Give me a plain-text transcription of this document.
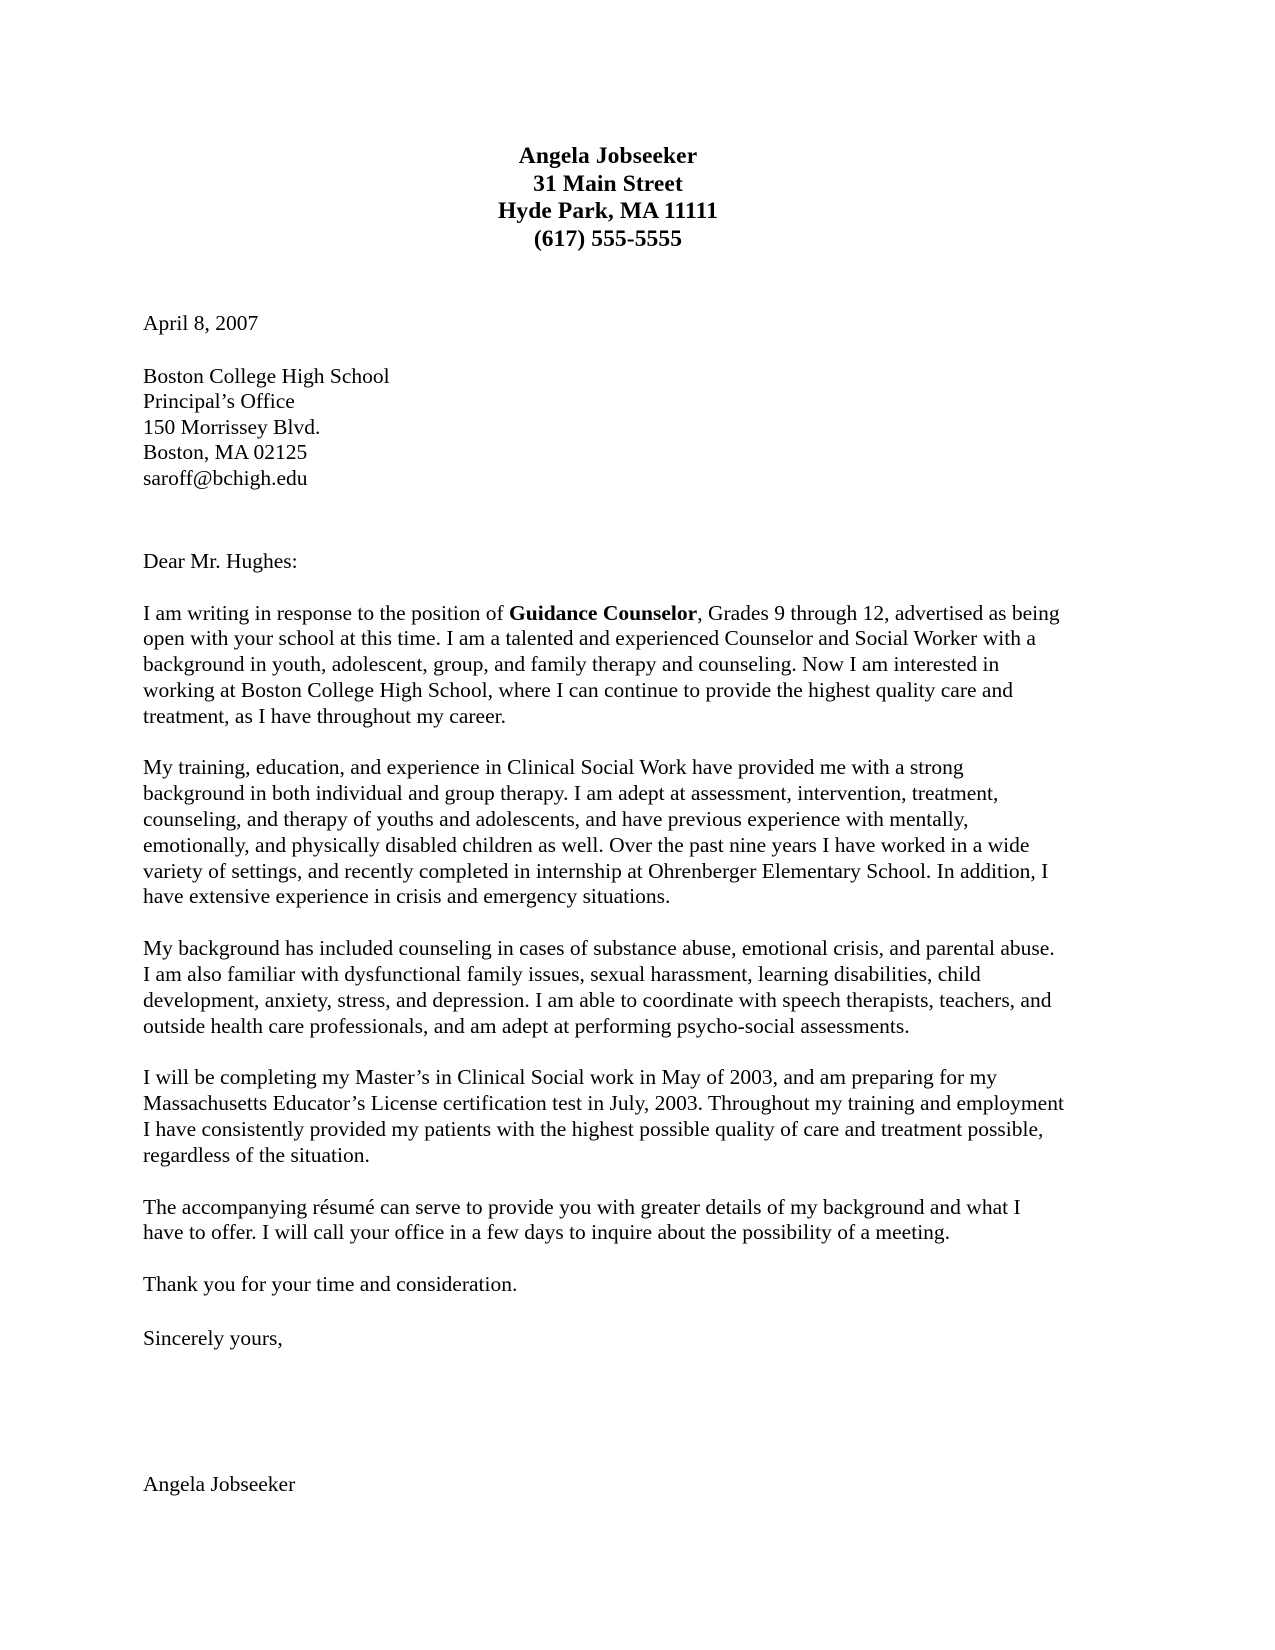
Angela Jobseeker
31 Main Street
Hyde Park, MA 11111
(617) 555-5555
April 8, 2007
Boston College High School
Principal’s Office
150 Morrissey Blvd.
Boston, MA 02125
saroff@bchigh.edu
Dear Mr. Hughes:

I am writing in response to the position of Guidance Counselor, Grades 9 through 12, advertised as being open with your school at this time. I am a talented and experienced Counselor and Social Worker with a background in youth, adolescent, group, and family therapy and counseling. Now I am interested in working at Boston College High School, where I can continue to provide the highest quality care and treatment, as I have throughout my career.

My training, education, and experience in Clinical Social Work have provided me with a strong background in both individual and group therapy. I am adept at assessment, intervention, treatment, counseling, and therapy of youths and adolescents, and have previous experience with mentally, emotionally, and physically disabled children as well. Over the past nine years I have worked in a wide variety of settings, and recently completed in internship at Ohrenberger Elementary School. In addition, I have extensive experience in crisis and emergency situations.

My background has included counseling in cases of substance abuse, emotional crisis, and parental abuse. I am also familiar with dysfunctional family issues, sexual harassment, learning disabilities, child development, anxiety, stress, and depression. I am able to coordinate with speech therapists, teachers, and outside health care professionals, and am adept at performing psycho-social assessments.

I will be completing my Master’s in Clinical Social work in May of 2003, and am preparing for my Massachusetts Educator’s License certification test in July, 2003. Throughout my training and employment I have consistently provided my patients with the highest possible quality of care and treatment possible, regardless of the situation.

The accompanying résumé can serve to provide you with greater details of my background and what I have to offer. I will call your office in a few days to inquire about the possibility of a meeting.

Thank you for your time and consideration.

Sincerely yours,
Angela Jobseeker
